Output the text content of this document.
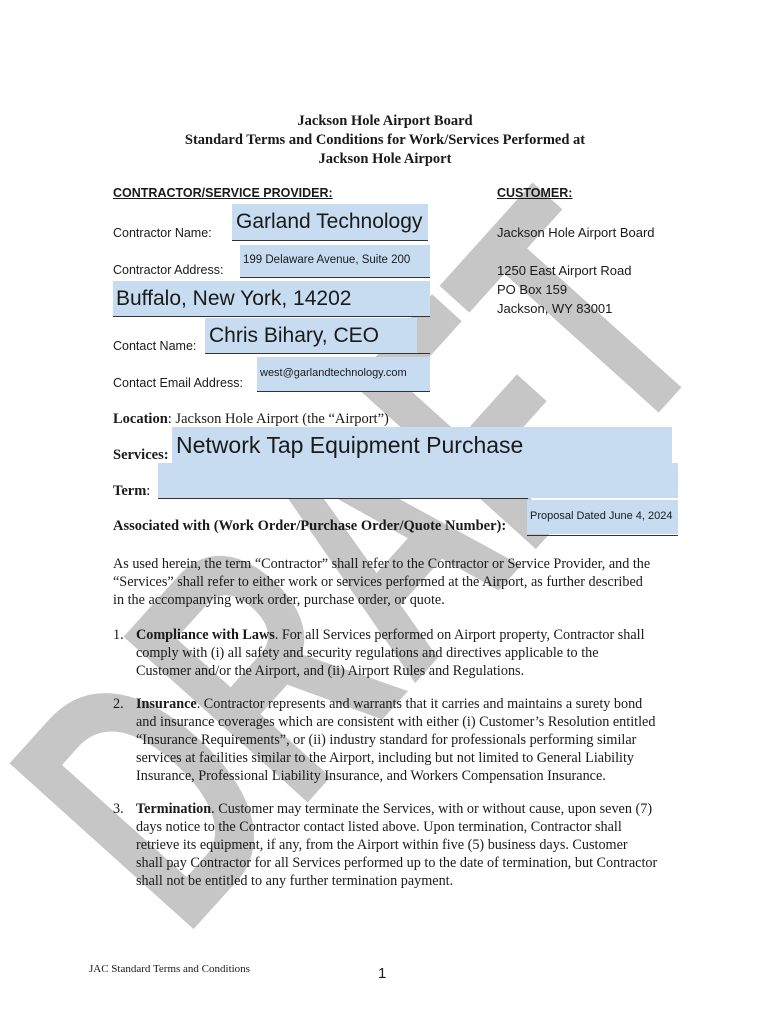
Jackson Hole Airport Board
Standard Terms and Conditions for Work/Services Performed at
Jackson Hole Airport
CONTRACTOR/SERVICE PROVIDER:	CUSTOMER:
Contractor Name: Garland Technology
Contractor Address:
199 Delaware Avenue, Suite 200
Buffalo, New York, 14202
Contact Name: Chris Bihary, CEO
Contact Email Address:
west@garlandtechnology.com
Jackson Hole Airport Board
1250 East Airport Road
PO Box 159
Jackson, WY 83001
Location: Jackson Hole Airport (the “Airport”)
Services: Network Tap Equipment Purchase
Term:
Associated with (Work Order/Purchase Order/Quote Number):
Proposal Dated June 4, 2024
As used herein, the term “Contractor” shall refer to the Contractor or Service Provider, and the
“Services” shall refer to either work or services performed at the Airport, as further described
in the accompanying work order, purchase order, or quote.
1. Compliance with Laws. For all Services performed on Airport property, Contractor shall
comply with (i) all safety and security regulations and directives applicable to the
Customer and/or the Airport, and (ii) Airport Rules and Regulations.
2. Insurance. Contractor represents and warrants that it carries and maintains a surety bond
and insurance coverages which are consistent with either (i) Customer’s Resolution entitled
“Insurance Requirements”, or (ii) industry standard for professionals performing similar
services at facilities similar to the Airport, including but not limited to General Liability
Insurance, Professional Liability Insurance, and Workers Compensation Insurance.
3. Termination. Customer may terminate the Services, with or without cause, upon seven (7)
days notice to the Contractor contact listed above. Upon termination, Contractor shall
retrieve its equipment, if any, from the Airport within five (5) business days. Customer
shall pay Contractor for all Services performed up to the date of termination, but Contractor
shall not be entitled to any further termination payment.
JAC Standard Terms and Conditions	1
